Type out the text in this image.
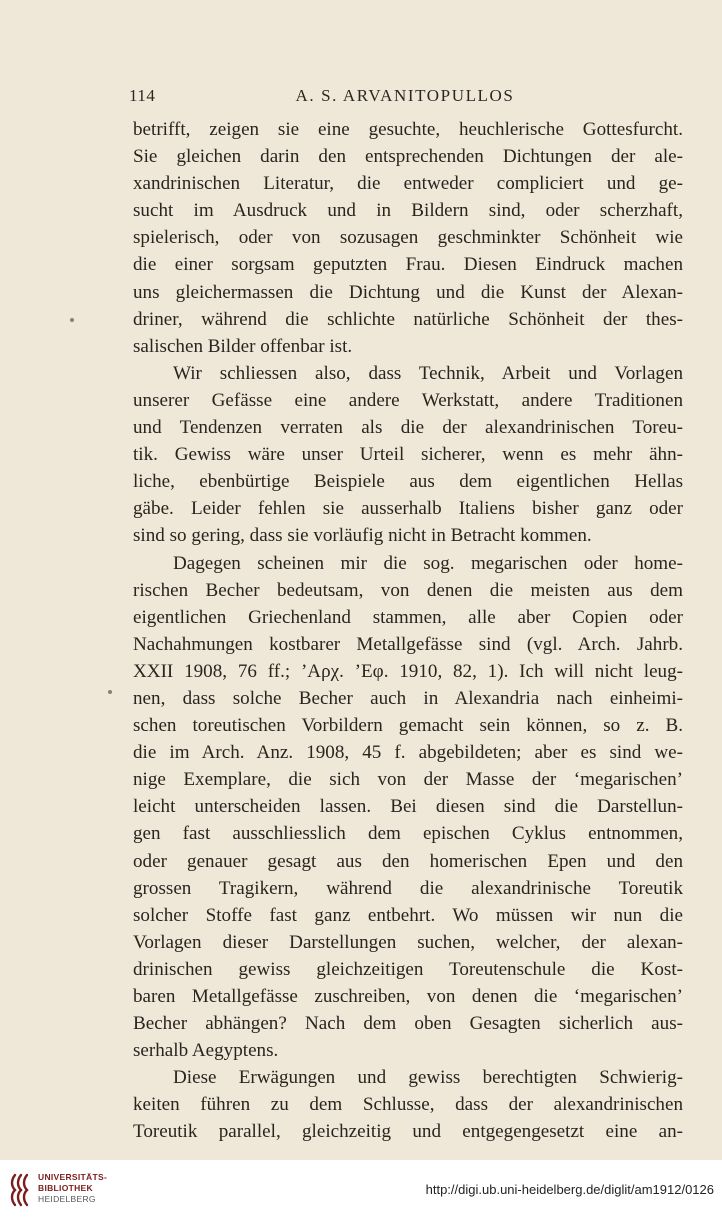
114	A. S. ARVANITOPULLOS
betrifft, zeigen sie eine gesuchte, heuchlerische Gottesfurcht.
Sie gleichen darin den entsprechenden Dichtungen der ale-
xandrinischen Literatur, die entweder compliciert und ge-
sucht im Ausdruck und in Bildern sind, oder scherzhaft,
spielerisch, oder von sozusagen geschminkter Schönheit wie
die einer sorgsam geputzten Frau. Diesen Eindruck machen
uns gleichermassen die Dichtung und die Kunst der Alexan-
driner, während die schlichte natürliche Schönheit der thes-
salischen Bilder offenbar ist.
Wir schliessen also, dass Technik, Arbeit und Vorlagen
unserer Gefässe eine andere Werkstatt, andere Traditionen
und Tendenzen verraten als die der alexandrinischen Toreu-
tik. Gewiss wäre unser Urteil sicherer, wenn es mehr ähn-
liche, ebenbürtige Beispiele aus dem eigentlichen Hellas
gäbe. Leider fehlen sie ausserhalb Italiens bisher ganz oder
sind so gering, dass sie vorläufig nicht in Betracht kommen.
Dagegen scheinen mir die sog. megarischen oder home-
rischen Becher bedeutsam, von denen die meisten aus dem
eigentlichen Griechenland stammen, alle aber Copien oder
Nachahmungen kostbarer Metallgefässe sind (vgl. Arch. Jahrb.
XXII 1908, 76 ff.; ʼΑρχ. ʼΕφ. 1910, 82, 1). Ich will nicht leug-
nen, dass solche Becher auch in Alexandria nach einheimi-
schen toreutischen Vorbildern gemacht sein können, so z. B.
die im Arch. Anz. 1908, 45 f. abgebildeten; aber es sind we-
nige Exemplare, die sich von der Masse der ‘megarischen’
leicht unterscheiden lassen. Bei diesen sind die Darstellun-
gen fast ausschliesslich dem epischen Cyklus entnommen,
oder genauer gesagt aus den homerischen Epen und den
grossen Tragikern, während die alexandrinische Toreutik
solcher Stoffe fast ganz entbehrt. Wo müssen wir nun die
Vorlagen dieser Darstellungen suchen, welcher, der alexan-
drinischen gewiss gleichzeitigen Toreutenschule die Kost-
baren Metallgefässe zuschreiben, von denen die ‘megarischen’
Becher abhängen? Nach dem oben Gesagten sicherlich aus-
serhalb Aegyptens.
Diese Erwägungen und gewiss berechtigten Schwierig-
keiten führen zu dem Schlusse, dass der alexandrinischen
Toreutik parallel, gleichzeitig und entgegengesetzt eine an-
UNIVERSITÄTS-
BIBLIOTHEK
HEIDELBERG
http://digi.ub.uni-heidelberg.de/diglit/am1912/0126
